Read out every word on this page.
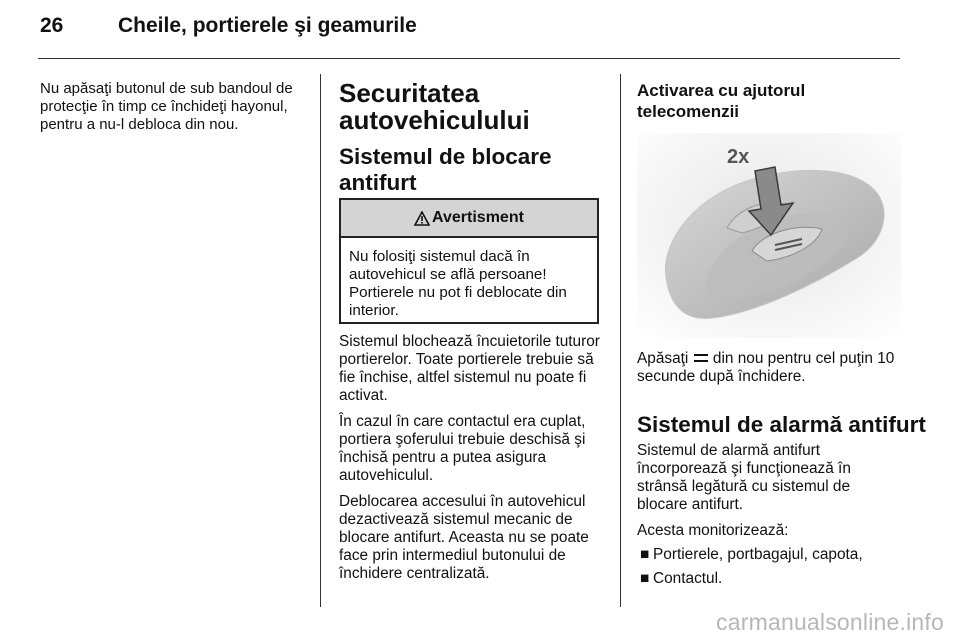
26	Cheile, portierele şi geamurile

Nu apăsaţi butonul de sub bandoul de protecţie în timp ce închideţi hayonul, pentru a nu-l debloca din nou.

Securitatea
autovehiculului
Sistemul de blocare
antifurt
Avertisment
Nu folosiţi sistemul dacă în autovehicul se află persoane! Portierele nu pot fi deblocate din interior.

Sistemul blochează încuietorile tuturor portierelor. Toate portierele trebuie să fie închise, altfel sistemul nu poate fi activat.

În cazul în care contactul era cuplat, portiera şoferului trebuie deschisă şi închisă pentru a putea asigura autovehiculul.

Deblocarea accesului în autovehicul dezactivează sistemul mecanic de blocare antifurt. Aceasta nu se poate face prin intermediul butonului de închidere centralizată.

Activarea cu ajutorul
telecomenzii
2x

Apăsaţi din nou pentru cel puţin 10 secunde după închidere.

Sistemul de alarmă antifurt

Sistemul de alarmă antifurt încorporează şi funcţionează în strânsă legătură cu sistemul de blocare antifurt.

Acesta monitorizează:

■ Portierele, portbagajul, capota,
■ Contactul.
carmanualsonline.info
